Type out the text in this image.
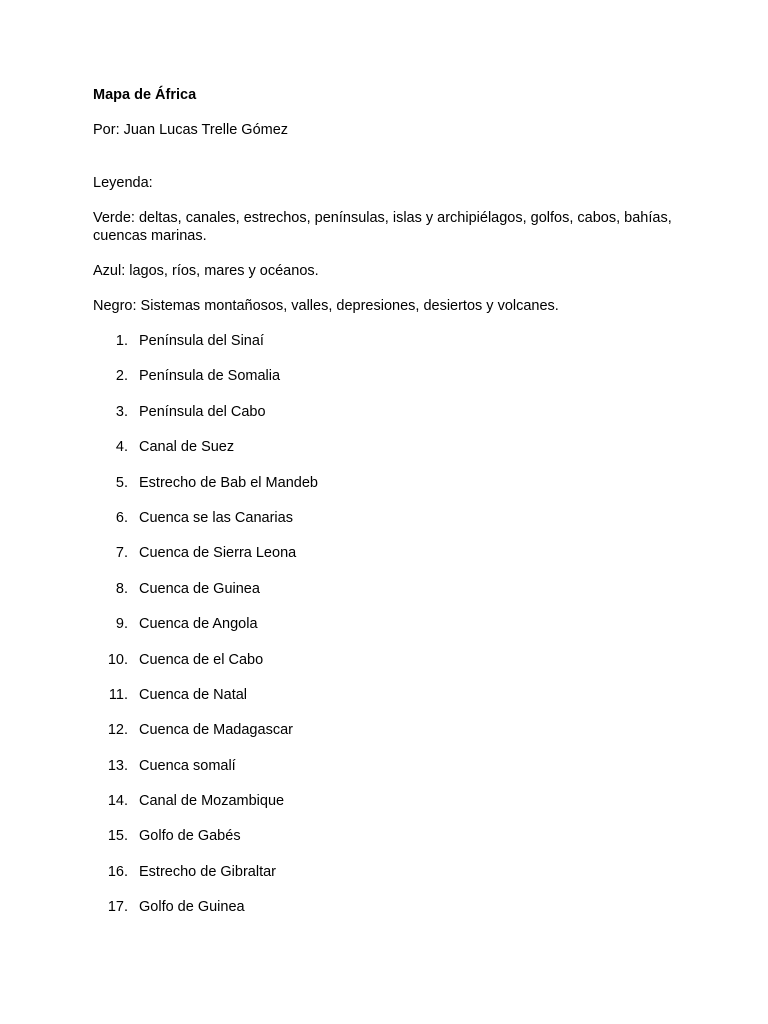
Mapa de África

Por: Juan Lucas Trelle Gómez

Leyenda:

Verde: deltas, canales, estrechos, penínsulas, islas y archipiélagos, golfos, cabos, bahías, cuencas marinas.

Azul: lagos, ríos, mares y océanos.

Negro: Sistemas montañosos, valles, depresiones, desiertos y volcanes.

1. Península del Sinaí
2. Península de Somalia
3. Península del Cabo
4. Canal de Suez
5. Estrecho de Bab el Mandeb
6. Cuenca se las Canarias
7. Cuenca de Sierra Leona
8. Cuenca de Guinea
9. Cuenca de Angola
10. Cuenca de el Cabo
11. Cuenca de Natal
12. Cuenca de Madagascar
13. Cuenca somalí
14. Canal de Mozambique
15. Golfo de Gabés
16. Estrecho de Gibraltar
17. Golfo de Guinea
